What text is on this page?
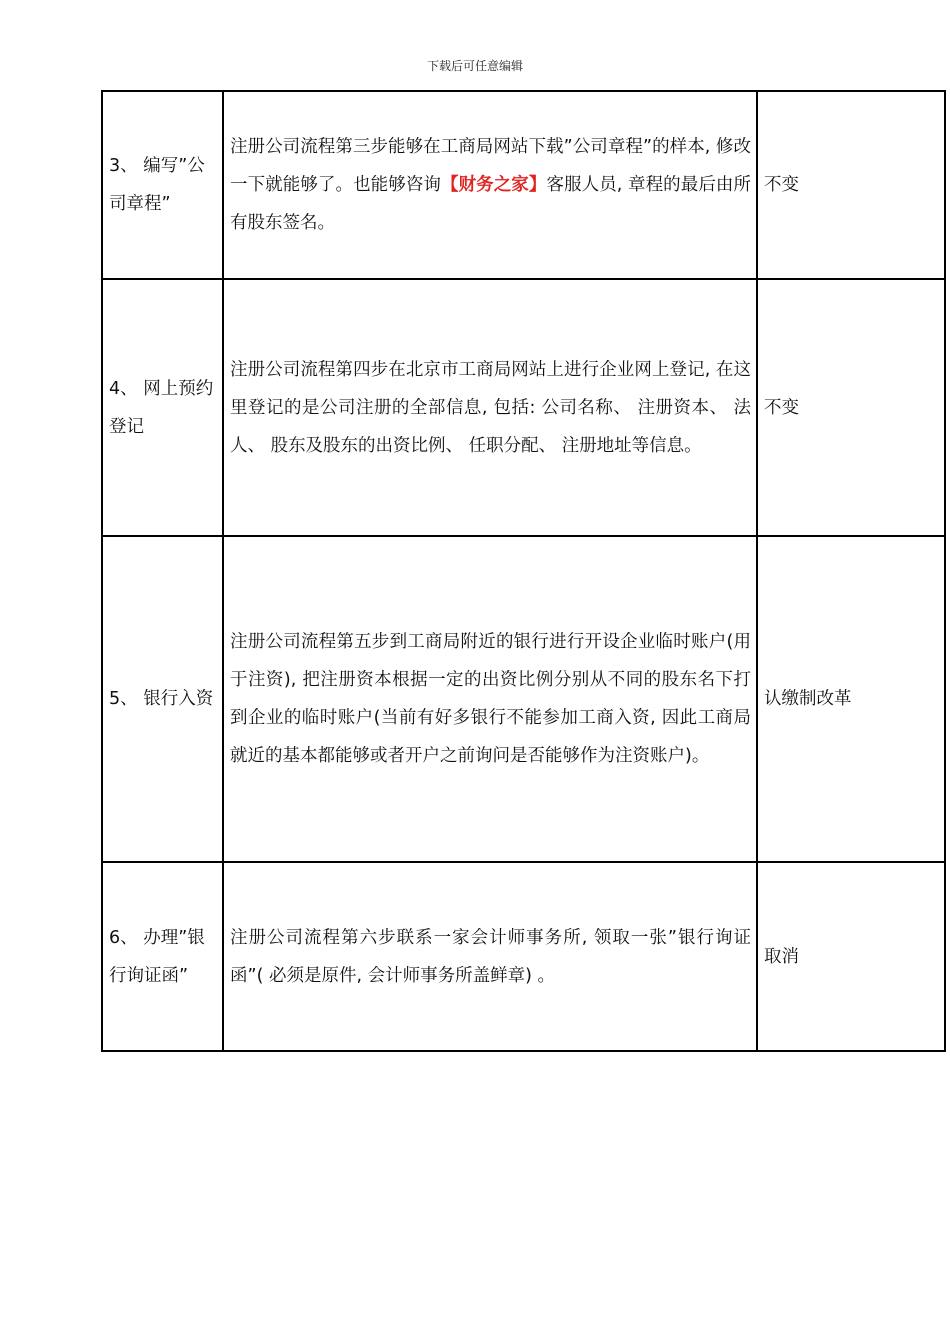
下载后可任意编辑
3、 编写”公司章程”	注册公司流程第三步能够在工商局网站下载”公司章程”的样本, 修改一下就能够了。也能够咨询【财务之家】客服人员, 章程的最后由所有股东签名。	不变
4、 网上预约登记	注册公司流程第四步在北京市工商局网站上进行企业网上登记, 在这里登记的是公司注册的全部信息, 包括: 公司名称、 注册资本、 法人、 股东及股东的出资比例、 任职分配、 注册地址等信息。	不变
5、 银行入资	注册公司流程第五步到工商局附近的银行进行开设企业临时账户(用于注资), 把注册资本根据一定的出资比例分别从不同的股东名下打到企业的临时账户(当前有好多银行不能参加工商入资, 因此工商局就近的基本都能够或者开户之前询问是否能够作为注资账户)。	认缴制改革
6、 办理”银行询证函”	注册公司流程第六步联系一家会计师事务所, 领取一张”银行询证函”( 必须是原件, 会计师事务所盖鲜章) 。	取消
